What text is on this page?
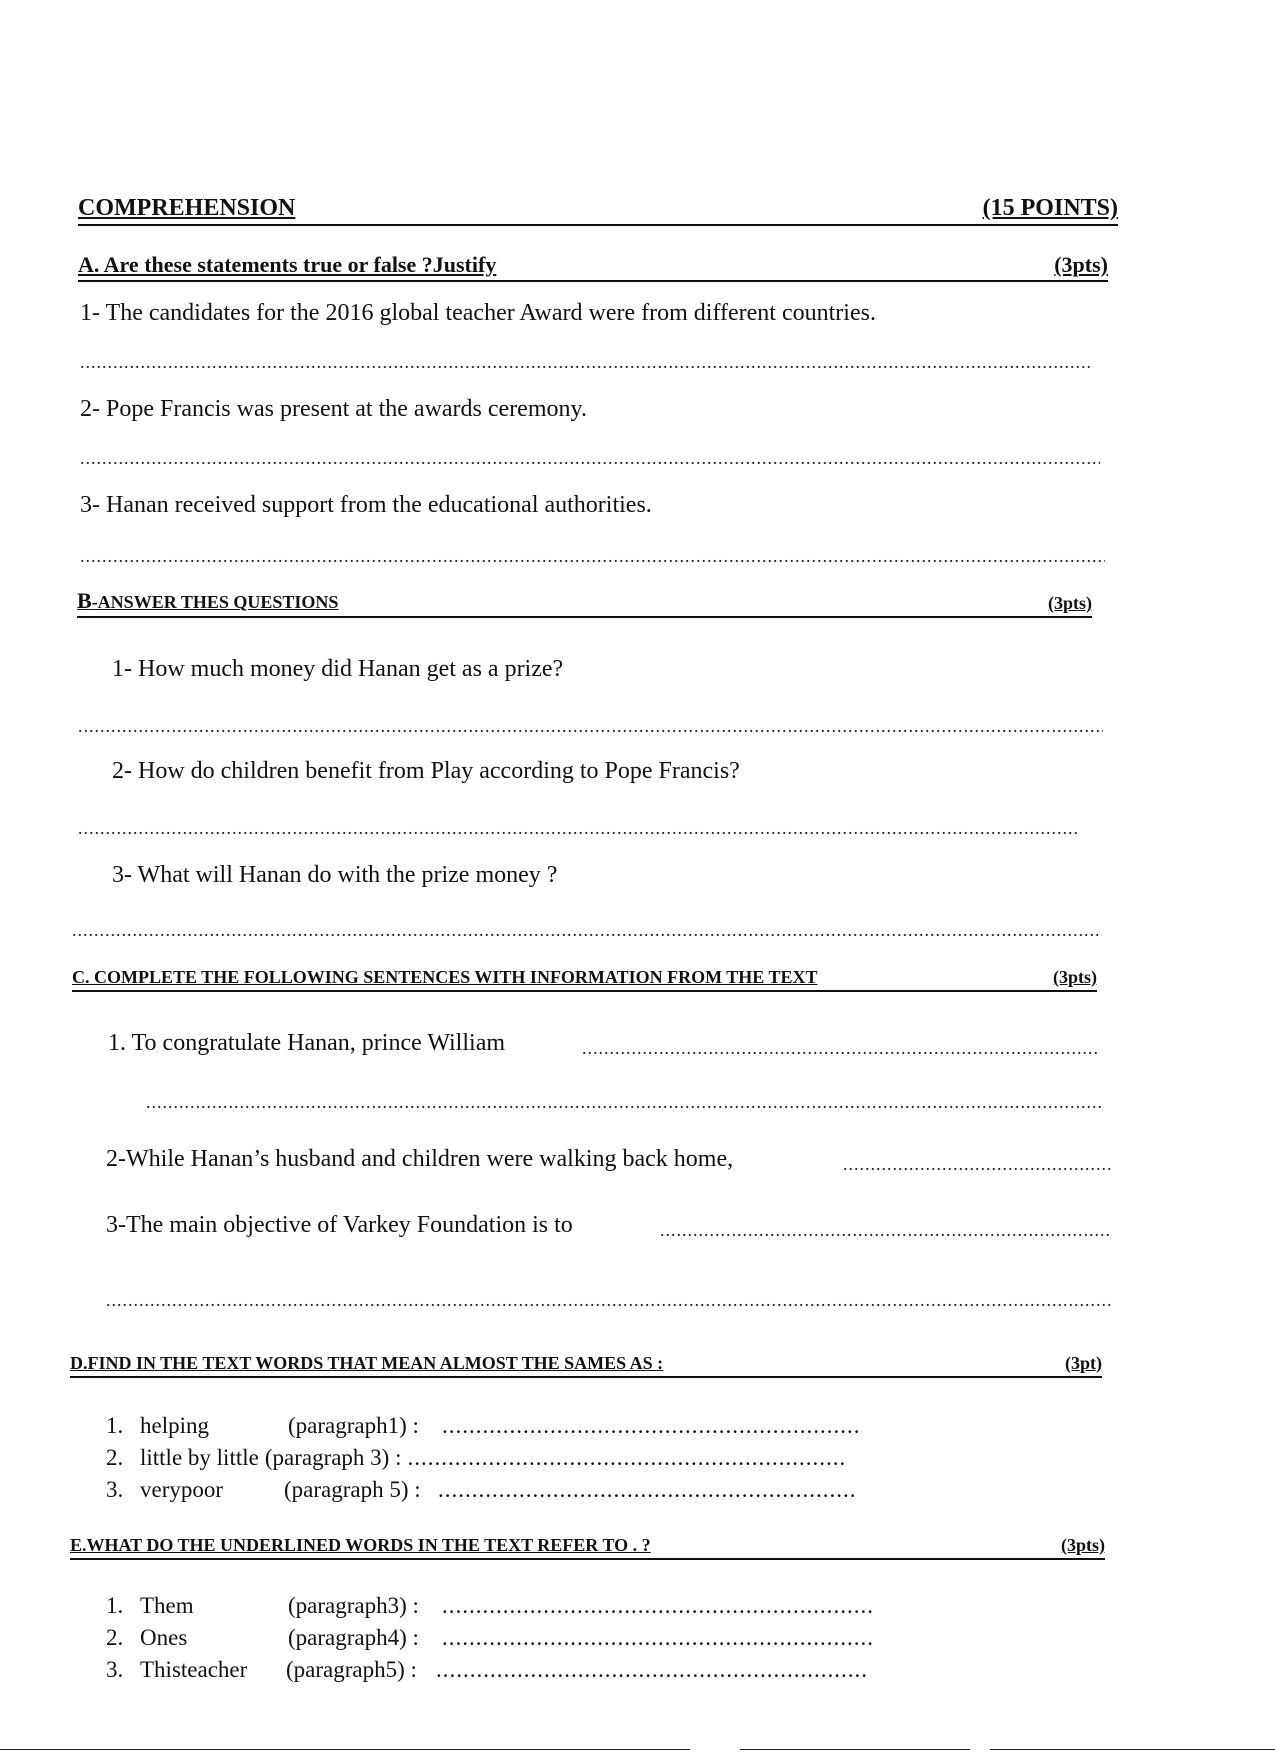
COMPREHENSION	(15 POINTS)
A. Are these statements true or false ?Justify	(3pts)
1- The candidates for the 2016 global teacher Award were from different countries.
.....
2- Pope Francis was present at the awards ceremony.
.....
3- Hanan received support from the educational authorities.
.....
B-ANSWER THES QUESTIONS	(3pts)
1- How much money did Hanan get as a prize?
.....
2- How do children benefit from Play according to Pope Francis?
.....
3- What will Hanan do with the prize money ?
.....
C. COMPLETE THE FOLLOWING SENTENCES WITH INFORMATION FROM THE TEXT	(3pts)
1. To congratulate Hanan, prince William
.....
.....
2-While Hanan’s husband and children were walking back home,
.....
3-The main objective of Varkey Foundation is to
.....
.....
D.FIND IN THE TEXT WORDS THAT MEAN ALMOST THE SAMES AS :	(3pt)
1. helping	(paragraph1) :
.....
2. little by little (paragraph 3) :
.....
3. verypoor	(paragraph 5) :
.....
E.WHAT DO THE UNDERLINED WORDS IN THE TEXT REFER TO . ?	(3pts)
1. Them	(paragraph3) :
.....
2. Ones	(paragraph4) :
.....
3. Thisteacher	(paragraph5) :
.....
